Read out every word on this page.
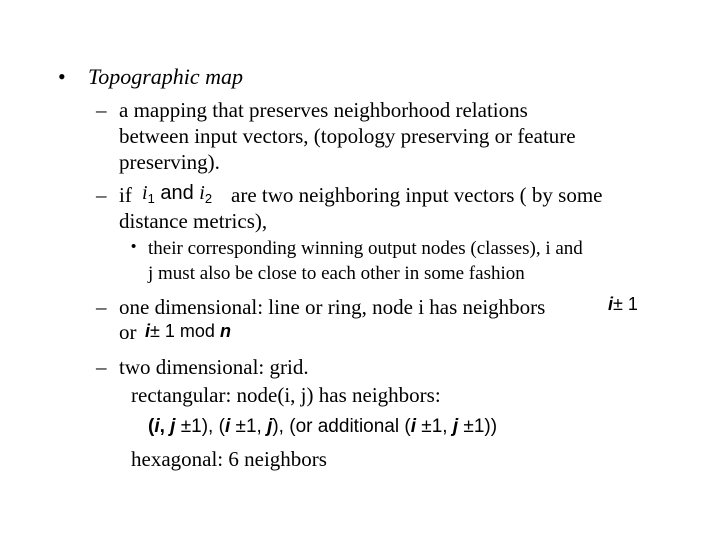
• Topographic map
– a mapping that preserves neighborhood relations
between input vectors, (topology preserving or feature
preserving).
– if $i_1$ and $i_2$ are two neighboring input vectors ( by some
distance metrics),
• their corresponding winning output nodes (classes), i and
j must also be close to each other in some fashion
– one dimensional: line or ring, node i has neighbors	i± 1
or i± 1 mod n
– two dimensional: grid.
rectangular: node(i, j) has neighbors:
(i, j ±1), (i ±1, j), (or additional (i ±1, j ±1))
hexagonal: 6 neighbors
